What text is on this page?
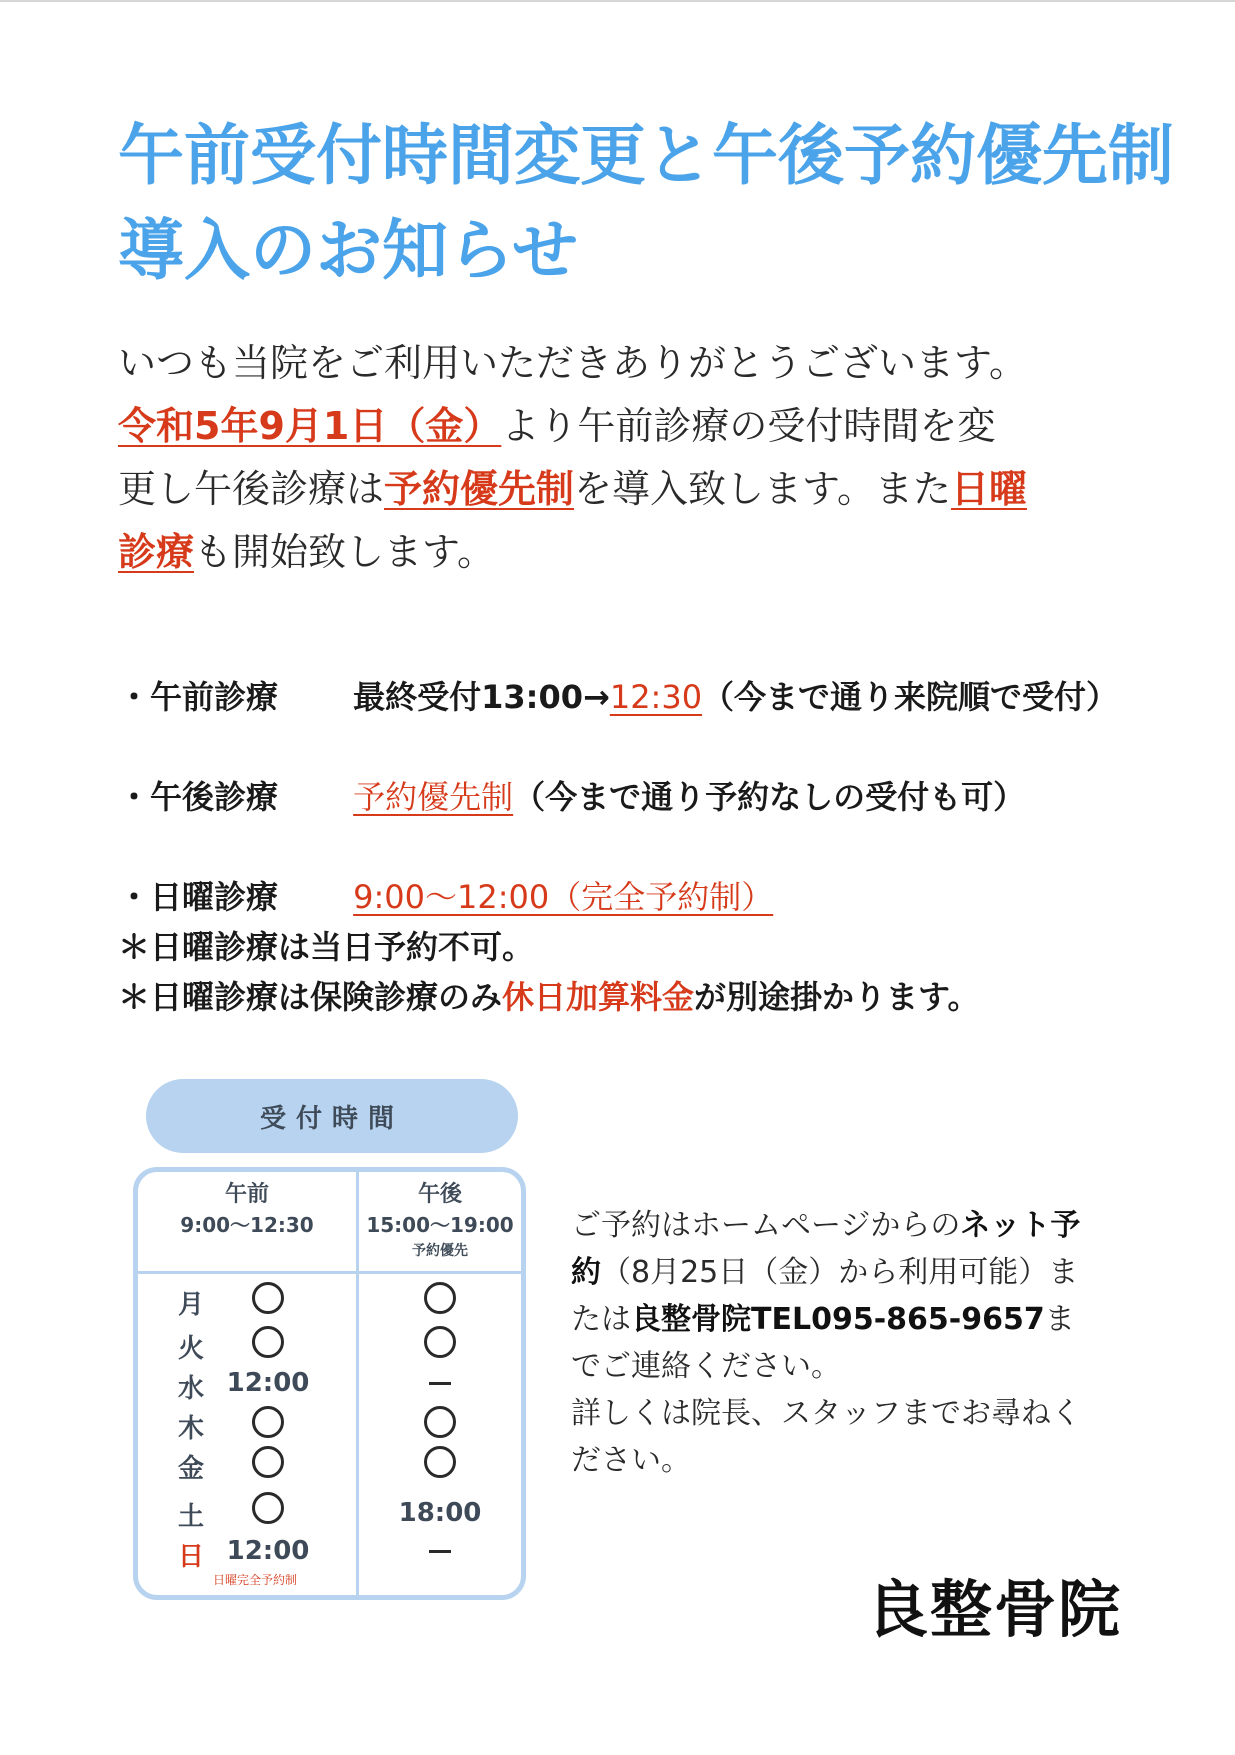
午前受付時間変更と午後予約優先制
導入のお知らせ
いつも当院をご利用いただきありがとうございます。
令和5年9月1日（金）より午前診療の受付時間を変
更し午後診療は予約優先制を導入致します。また日曜
診療も開始致します。
・午前診療 最終受付13:00→12:30（今まで通り来院順で受付）
・午後診療 予約優先制（今まで通り予約なしの受付も可）
・日曜診療 9:00〜12:00（完全予約制）
＊日曜診療は当日予約不可。
＊日曜診療は保険診療のみ休日加算料金が別途掛かります。
受付時間
午前
9:00〜12:30
午後
15:00〜19:00
予約優先
月
火
水
木
金
土
日
12:00
12:00
日曜完全予約制
18:00
ご予約はホームページからのネット予
約（8月25日（金）から利用可能）ま
たは良整骨院TEL095-865-9657ま
でご連絡ください。
詳しくは院長、スタッフまでお尋ねく
ださい。
良整骨院
